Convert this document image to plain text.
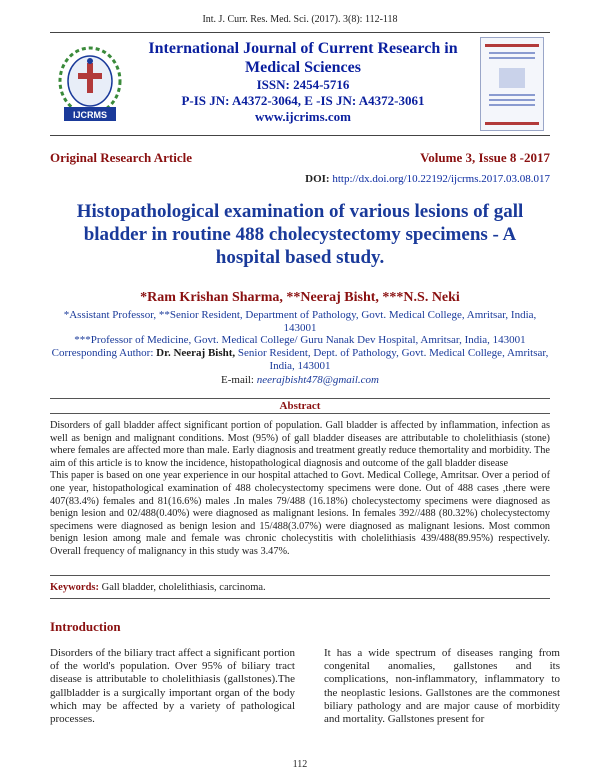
Int. J. Curr. Res. Med. Sci. (2017). 3(8): 112-118
IJCRMS
International Journal of Current Research in Medical Sciences
ISSN: 2454-5716
P-IS JN: A4372-3064, E -IS JN: A4372-3061
www.ijcrims.com
Original Research Article	Volume 3, Issue 8 -2017
DOI: http://dx.doi.org/10.22192/ijcrms.2017.03.08.017
Histopathological examination of various lesions of gall bladder in routine 488 cholecystectomy specimens - A hospital based study.
*Ram Krishan Sharma, **Neeraj Bisht, ***N.S. Neki
*Assistant Professor, **Senior Resident, Department of Pathology, Govt. Medical College, Amritsar, India, 143001
***Professor of Medicine, Govt. Medical College/ Guru Nanak Dev Hospital, Amritsar, India, 143001
Corresponding Author: Dr. Neeraj Bisht, Senior Resident, Dept. of Pathology, Govt. Medical College, Amritsar, India, 143001
E-mail: neerajbisht478@gmail.com
Abstract

Disorders of gall bladder affect significant portion of population. Gall bladder is affected by inflammation, infection as well as benign and malignant conditions. Most (95%) of gall bladder diseases are attributable to cholelithiasis (stone) where females are affected more than male. Early diagnosis and treatment greatly reduce themortality and morbidity. The aim of this article is to know the incidence, histopathological diagnosis and outcome of the gall bladder disease

This paper is based on one year experience in our hospital attached to Govt. Medical College, Amritsar. Over a period of one year, histopathological examination of 488 cholecystectomy specimens were done. Out of 488 cases ,there were 407(83.4%) females and 81(16.6%) males .In males 79/488 (16.18%) cholecystectomy specimens were diagnosed as benign lesion and 02/488(0.40%) were diagnosed as malignant lesions. In females 392//488 (80.32%) cholecystectomy specimens were diagnosed as benign lesion and 15/488(3.07%) were diagnosed as malignant lesions. Most common benign lesion among male and female was chronic cholecystitis with cholelithiasis 439/488(89.95%) respectively. Overall frequency of malignancy in this study was 3.47%.

Keywords: Gall bladder, cholelithiasis, carcinoma.
Introduction
Disorders of the biliary tract affect a significant portion of the world's population. Over 95% of biliary tract disease is attributable to cholelithiasis (gallstones).The gallbladder is a surgically important organ of the body which may be affected by a variety of pathological processes.
It has a wide spectrum of diseases ranging from congenital anomalies, gallstones and its complications, non-inflammatory, inflammatory to the neoplastic lesions. Gallstones are the commonest biliary pathology and are major cause of morbidity and mortality. Gallstones present for
112
